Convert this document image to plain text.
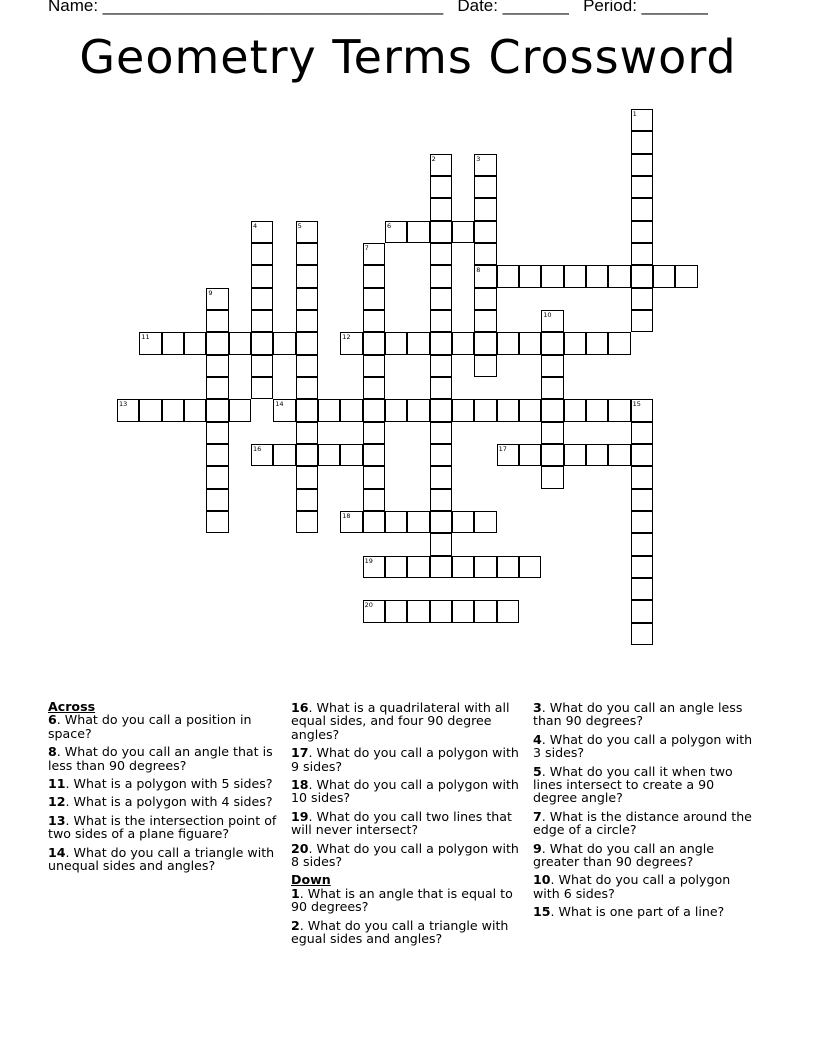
Name: ____________________________________ Date: _______ Period: _______
Geometry Terms Crossword
1
2	3
4	5	6
7
8
9
10
11	12
13	14	15
16	17
18
19
20
Across
6. What do you call a position in space?
8. What do you call an angle that is less than 90 degrees?
11. What is a polygon with 5 sides?
12. What is a polygon with 4 sides?
13. What is the intersection point of two sides of a plane figuare?
14. What do you call a triangle with unequal sides and angles?
16. What is a quadrilateral with all equal sides, and four 90 degree angles?
17. What do you call a polygon with 9 sides?
18. What do you call a polygon with 10 sides?
19. What do you call two lines that will never intersect?
20. What do you call a polygon with 8 sides?
Down
1. What is an angle that is equal to 90 degrees?
2. What do you call a triangle with egual sides and angles?
3. What do you call an angle less than 90 degrees?
4. What do you call a polygon with 3 sides?
5. What do you call it when two lines intersect to create a 90 degree angle?
7. What is the distance around the edge of a circle?
9. What do you call an angle greater than 90 degrees?
10. What do you call a polygon with 6 sides?
15. What is one part of a line?
